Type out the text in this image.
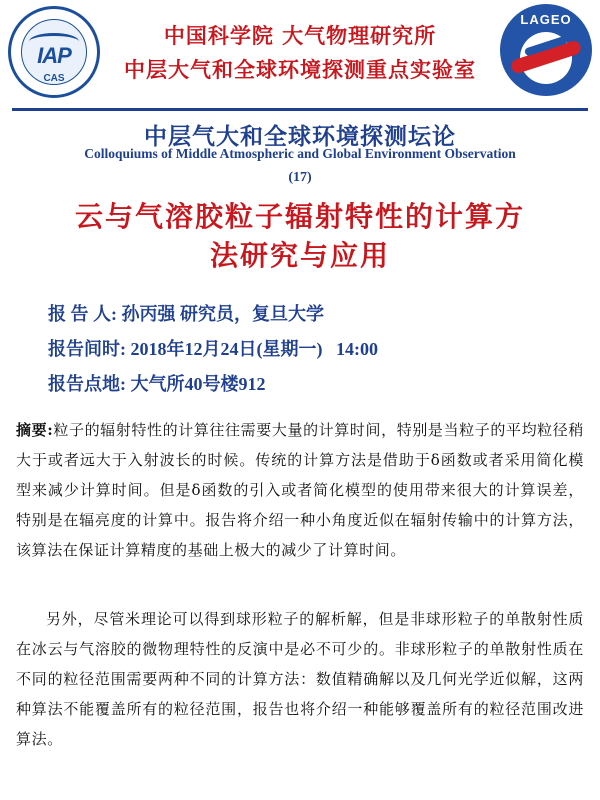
IAP
CAS
中国科学院 大气物理研究所
中层大气和全球环境探测重点实验室
LAGEO
中层气大和全球环境探测坛论
Colloquiums of Middle Atmospheric and Global Environment Observation
(17)
云与气溶胶粒子辐射特性的计算方
法研究与应用
报 告 人: 孙丙强 研究员，复旦大学
报告间时: 2018年12月24日(星期一)   14:00
报告点地: 大气所40号楼912
摘要:粒子的辐射特性的计算往往需要大量的计算时间，特别是当粒子的平均粒径稍大于或者远大于入射波长的时候。传统的计算方法是借助于δ函数或者采用简化模型来减少计算时间。但是δ函数的引入或者简化模型的使用带来很大的计算误差，特别是在辐亮度的计算中。报告将介绍一种小角度近似在辐射传输中的计算方法，该算法在保证计算精度的基础上极大的减少了计算时间。
另外，尽管米理论可以得到球形粒子的解析解，但是非球形粒子的单散射性质在冰云与气溶胶的微物理特性的反演中是必不可少的。非球形粒子的单散射性质在不同的粒径范围需要两种不同的计算方法：数值精确解以及几何光学近似解，这两种算法不能覆盖所有的粒径范围，报告也将介绍一种能够覆盖所有的粒径范围改进算法。
